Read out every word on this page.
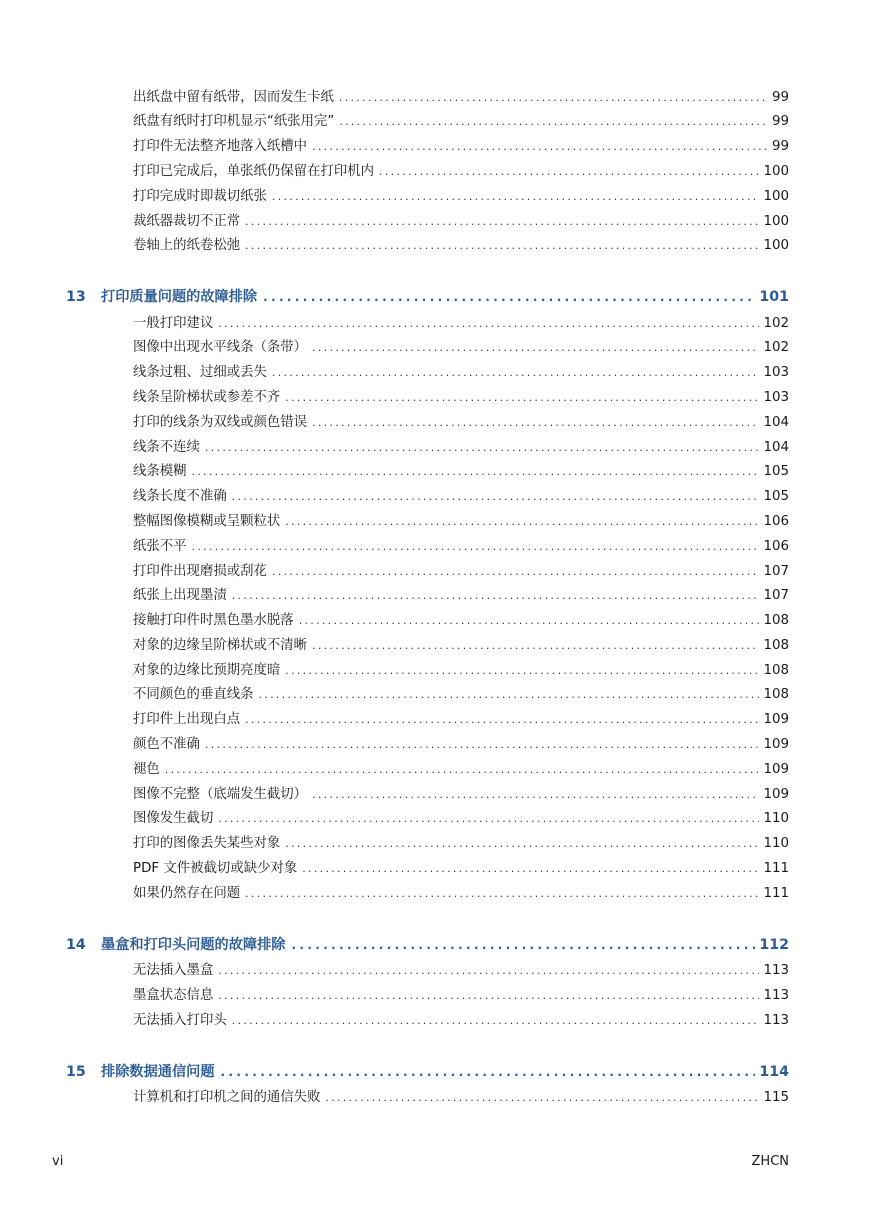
出纸盘中留有纸带，因而发生卡纸 . . .	99
纸盘有纸时打印机显示“纸张用完” . . .	99
打印件无法整齐地落入纸槽中 . . .	99
打印已完成后，单张纸仍保留在打印机内 . . .	100
打印完成时即裁切纸张 . . .	100
裁纸器裁切不正常 . . .	100
卷轴上的纸卷松弛 . . .	100
13	打印质量问题的故障排除 . . .	101
一般打印建议 . . .	102
图像中出现水平线条（条带） . . .	102
线条过粗、过细或丢失 . . .	103
线条呈阶梯状或参差不齐 . . .	103
打印的线条为双线或颜色错误 . . .	104
线条不连续 . . .	104
线条模糊 . . .	105
线条长度不准确 . . .	105
整幅图像模糊或呈颗粒状 . . .	106
纸张不平 . . .	106
打印件出现磨损或刮花 . . .	107
纸张上出现墨渍 . . .	107
接触打印件时黑色墨水脱落 . . .	108
对象的边缘呈阶梯状或不清晰 . . .	108
对象的边缘比预期亮度暗 . . .	108
不同颜色的垂直线条 . . .	108
打印件上出现白点 . . .	109
颜色不准确 . . .	109
褪色 . . .	109
图像不完整（底端发生截切） . . .	109
图像发生截切 . . .	110
打印的图像丢失某些对象 . . .	110
PDF 文件被截切或缺少对象 . . .	111
如果仍然存在问题 . . .	111
14	墨盒和打印头问题的故障排除 . . .	112
无法插入墨盒 . . .	113
墨盒状态信息 . . .	113
无法插入打印头 . . .	113
15	排除数据通信问题 . . .	114
计算机和打印机之间的通信失败 . . .	115
vi	ZHCN
